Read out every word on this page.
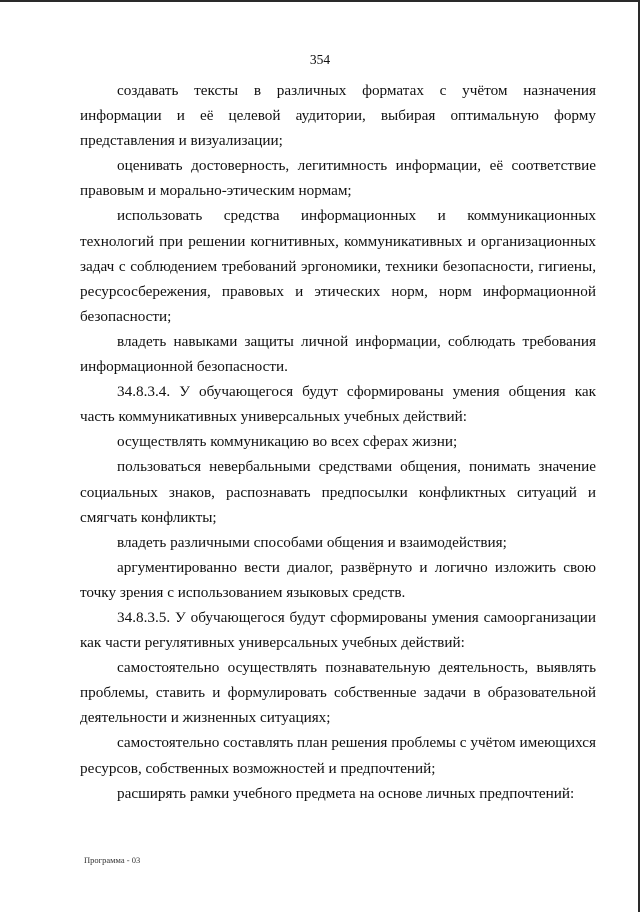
354

создавать тексты в различных форматах с учётом назначения информации и её целевой аудитории, выбирая оптимальную форму представления и визуализации;

оценивать достоверность, легитимность информации, её соответствие правовым и морально-этическим нормам;

использовать средства информационных и коммуникационных технологий при решении когнитивных, коммуникативных и организационных задач с соблюдением требований эргономики, техники безопасности, гигиены, ресурсосбережения, правовых и этических норм, норм информационной безопасности;

владеть навыками защиты личной информации, соблюдать требования информационной безопасности.

34.8.3.4. У обучающегося будут сформированы умения общения как часть коммуникативных универсальных учебных действий:

осуществлять коммуникацию во всех сферах жизни;

пользоваться невербальными средствами общения, понимать значение социальных знаков, распознавать предпосылки конфликтных ситуаций и смягчать конфликты;

владеть различными способами общения и взаимодействия;

аргументированно вести диалог, развёрнуто и логично изложить свою точку зрения с использованием языковых средств.

34.8.3.5. У обучающегося будут сформированы умения самоорганизации как части регулятивных универсальных учебных действий:

самостоятельно осуществлять познавательную деятельность, выявлять проблемы, ставить и формулировать собственные задачи в образовательной деятельности и жизненных ситуациях;

самостоятельно составлять план решения проблемы с учётом имеющихся ресурсов, собственных возможностей и предпочтений;

расширять рамки учебного предмета на основе личных предпочтений:

Программа - 03
